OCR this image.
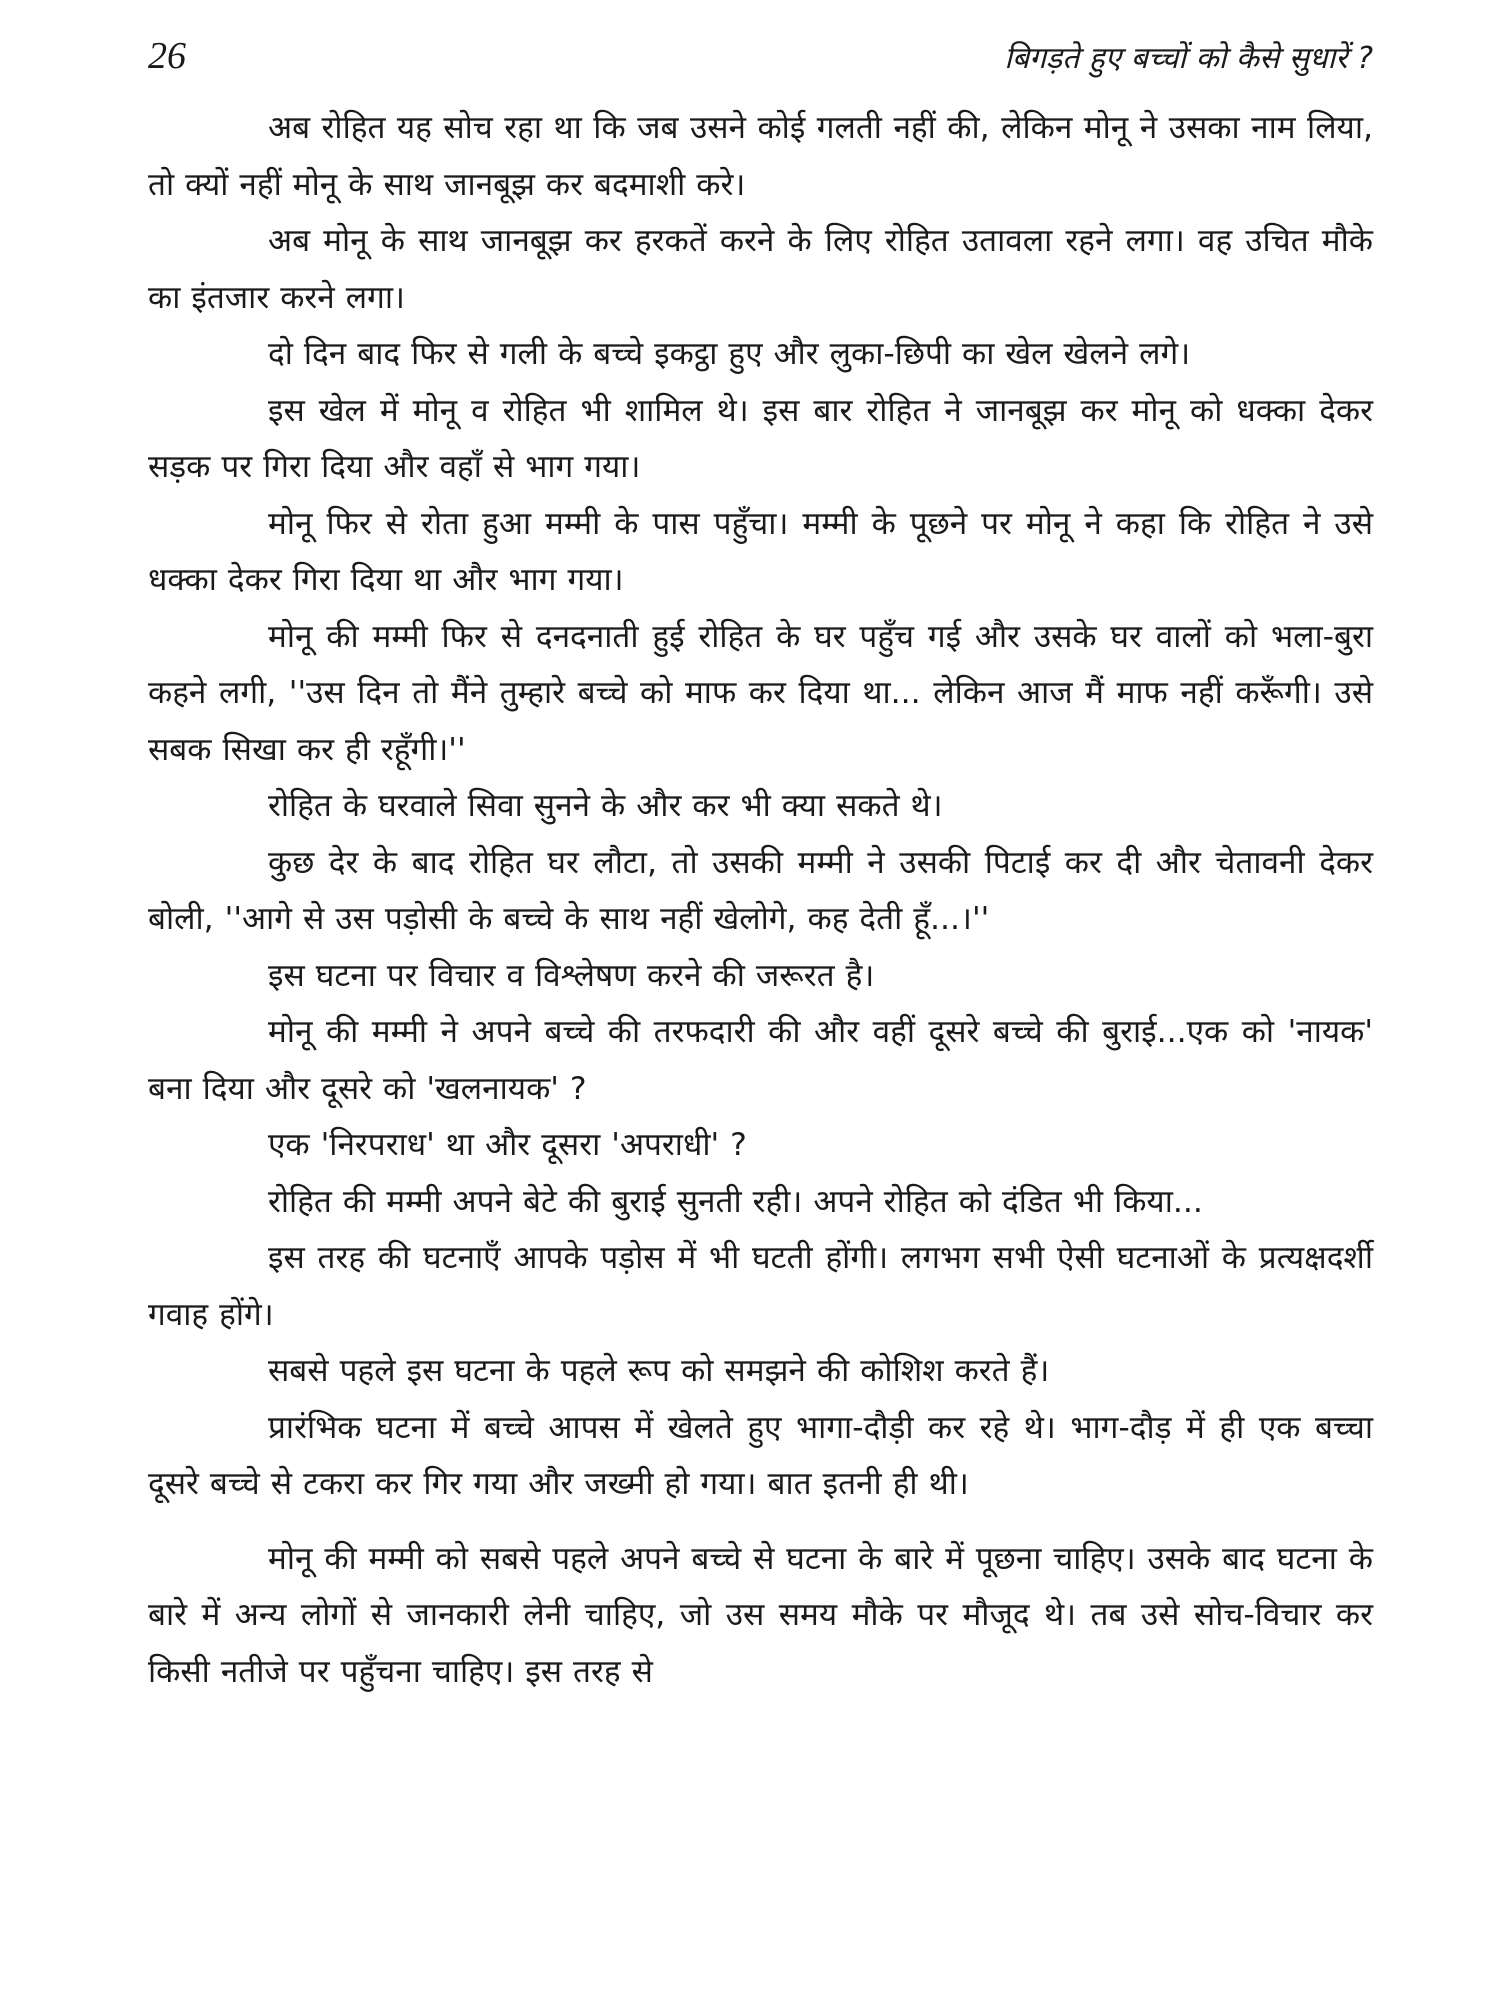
26	बिगड़ते हुए बच्चों को कैसे सुधारें ?

अब रोहित यह सोच रहा था कि जब उसने कोई गलती नहीं की, लेकिन मोनू ने उसका नाम लिया, तो क्यों नहीं मोनू के साथ जानबूझ कर बदमाशी करे।

अब मोनू के साथ जानबूझ कर हरकतें करने के लिए रोहित उतावला रहने लगा। वह उचित मौके का इंतजार करने लगा।

दो दिन बाद फिर से गली के बच्चे इकट्ठा हुए और लुका-छिपी का खेल खेलने लगे।

इस खेल में मोनू व रोहित भी शामिल थे। इस बार रोहित ने जानबूझ कर मोनू को धक्का देकर सड़क पर गिरा दिया और वहाँ से भाग गया।

मोनू फिर से रोता हुआ मम्मी के पास पहुँचा। मम्मी के पूछने पर मोनू ने कहा कि रोहित ने उसे धक्का देकर गिरा दिया था और भाग गया।

मोनू की मम्मी फिर से दनदनाती हुई रोहित के घर पहुँच गई और उसके घर वालों को भला-बुरा कहने लगी, ''उस दिन तो मैंने तुम्हारे बच्चे को माफ कर दिया था... लेकिन आज मैं माफ नहीं करूँगी। उसे सबक सिखा कर ही रहूँगी।''

रोहित के घरवाले सिवा सुनने के और कर भी क्या सकते थे।

कुछ देर के बाद रोहित घर लौटा, तो उसकी मम्मी ने उसकी पिटाई कर दी और चेतावनी देकर बोली, ''आगे से उस पड़ोसी के बच्चे के साथ नहीं खेलोगे, कह देती हूँ...।''

इस घटना पर विचार व विश्लेषण करने की जरूरत है।

मोनू की मम्मी ने अपने बच्चे की तरफदारी की और वहीं दूसरे बच्चे की बुराई...एक को 'नायक' बना दिया और दूसरे को 'खलनायक' ?

एक 'निरपराध' था और दूसरा 'अपराधी' ?

रोहित की मम्मी अपने बेटे की बुराई सुनती रही। अपने रोहित को दंडित भी किया...

इस तरह की घटनाएँ आपके पड़ोस में भी घटती होंगी। लगभग सभी ऐसी घटनाओं के प्रत्यक्षदर्शी गवाह होंगे।

सबसे पहले इस घटना के पहले रूप को समझने की कोशिश करते हैं।

प्रारंभिक घटना में बच्चे आपस में खेलते हुए भागा-दौड़ी कर रहे थे। भाग-दौड़ में ही एक बच्चा दूसरे बच्चे से टकरा कर गिर गया और जख्मी हो गया। बात इतनी ही थी।

मोनू की मम्मी को सबसे पहले अपने बच्चे से घटना के बारे में पूछना चाहिए। उसके बाद घटना के बारे में अन्य लोगों से जानकारी लेनी चाहिए, जो उस समय मौके पर मौजूद थे। तब उसे सोच-विचार कर किसी नतीजे पर पहुँचना चाहिए। इस तरह से
